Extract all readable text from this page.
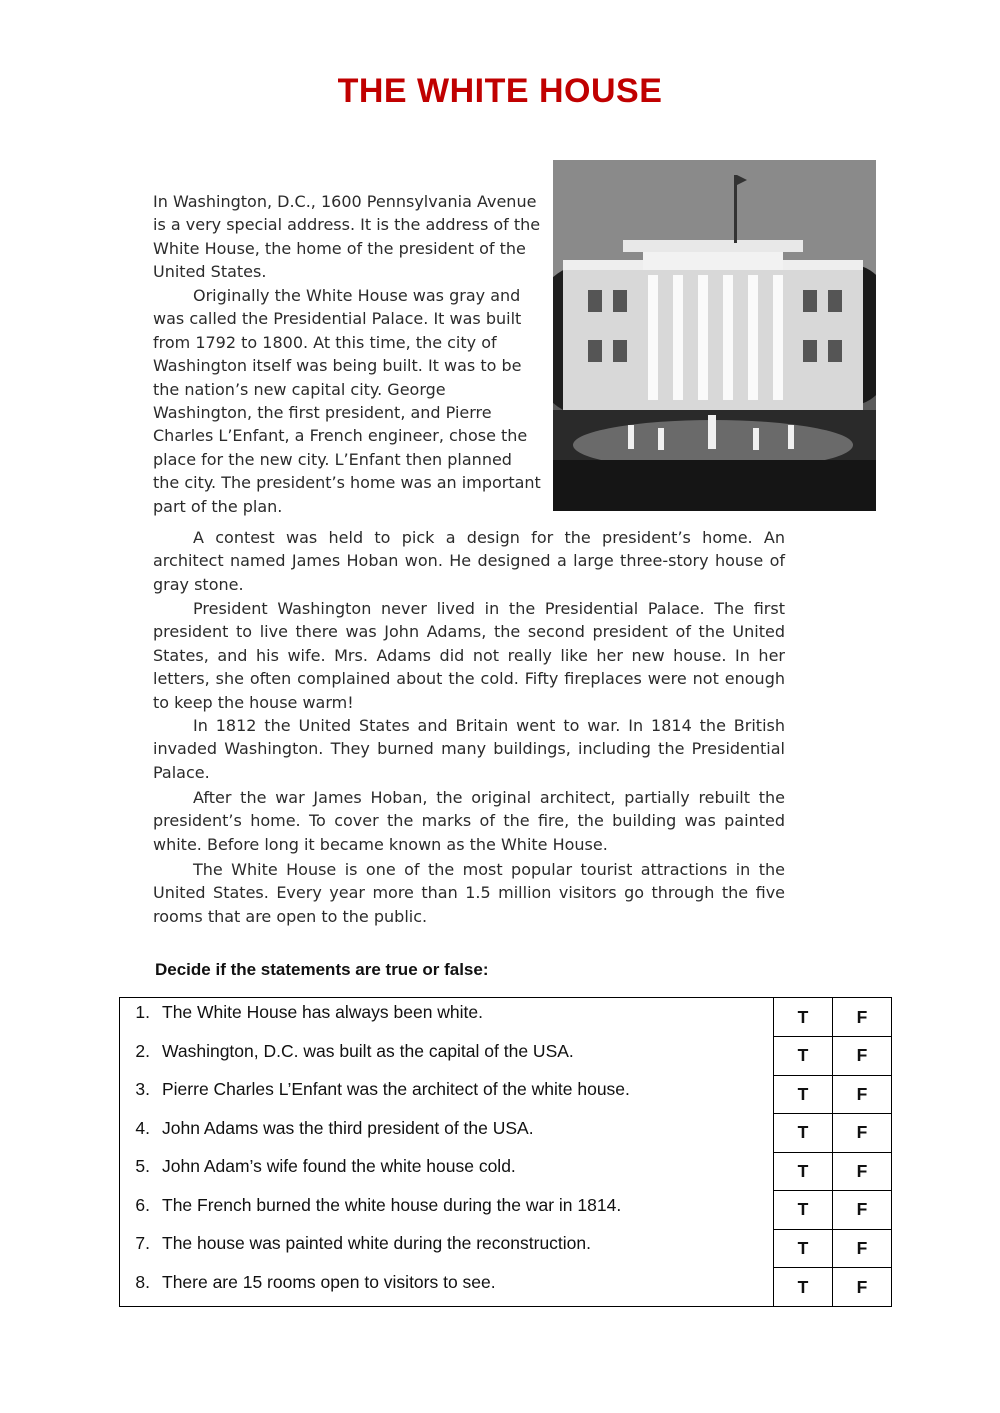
THE WHITE HOUSE

In Washington, D.C., 1600 Pennsylvania Avenue is a very special address. It is the address of the White House, the home of the president of the United States.

Originally the White House was gray and was called the Presidential Palace. It was built from 1792 to 1800. At this time, the city of Washington itself was being built. It was to be the nation’s new capital city. George Washington, the first president, and Pierre Charles L’Enfant, a French engineer, chose the place for the new city. L’Enfant then planned the city. The president’s home was an important part of the plan.

A contest was held to pick a design for the president’s home. An architect named James Hoban won. He designed a large three-story house of gray stone.

President Washington never lived in the Presidential Palace. The first president to live there was John Adams, the second president of the United States, and his wife. Mrs. Adams did not really like her new house. In her letters, she often complained about the cold. Fifty fireplaces were not enough to keep the house warm!

In 1812 the United States and Britain went to war. In 1814 the British invaded Washington. They burned many buildings, including the Presidential Palace.

After the war James Hoban, the original architect, partially rebuilt the president’s home. To cover the marks of the fire, the building was painted white. Before long it became known as the White House.

The White House is one of the most popular tourist attractions in the United States. Every year more than 1.5 million visitors go through the five rooms that are open to the public.

Decide if the statements are true or false:
1. The White House has always been white.	T	F
2. Washington, D.C. was built as the capital of the USA.	T	F
3. Pierre Charles L’Enfant was the architect of the white house.	T	F
4. John Adams was the third president of the USA.	T	F
5. John Adam’s wife found the white house cold.	T	F
6. The French burned the white house during the war in 1814.	T	F
7. The house was painted white during the reconstruction.	T	F
8. There are 15 rooms open to visitors to see.	T	F
